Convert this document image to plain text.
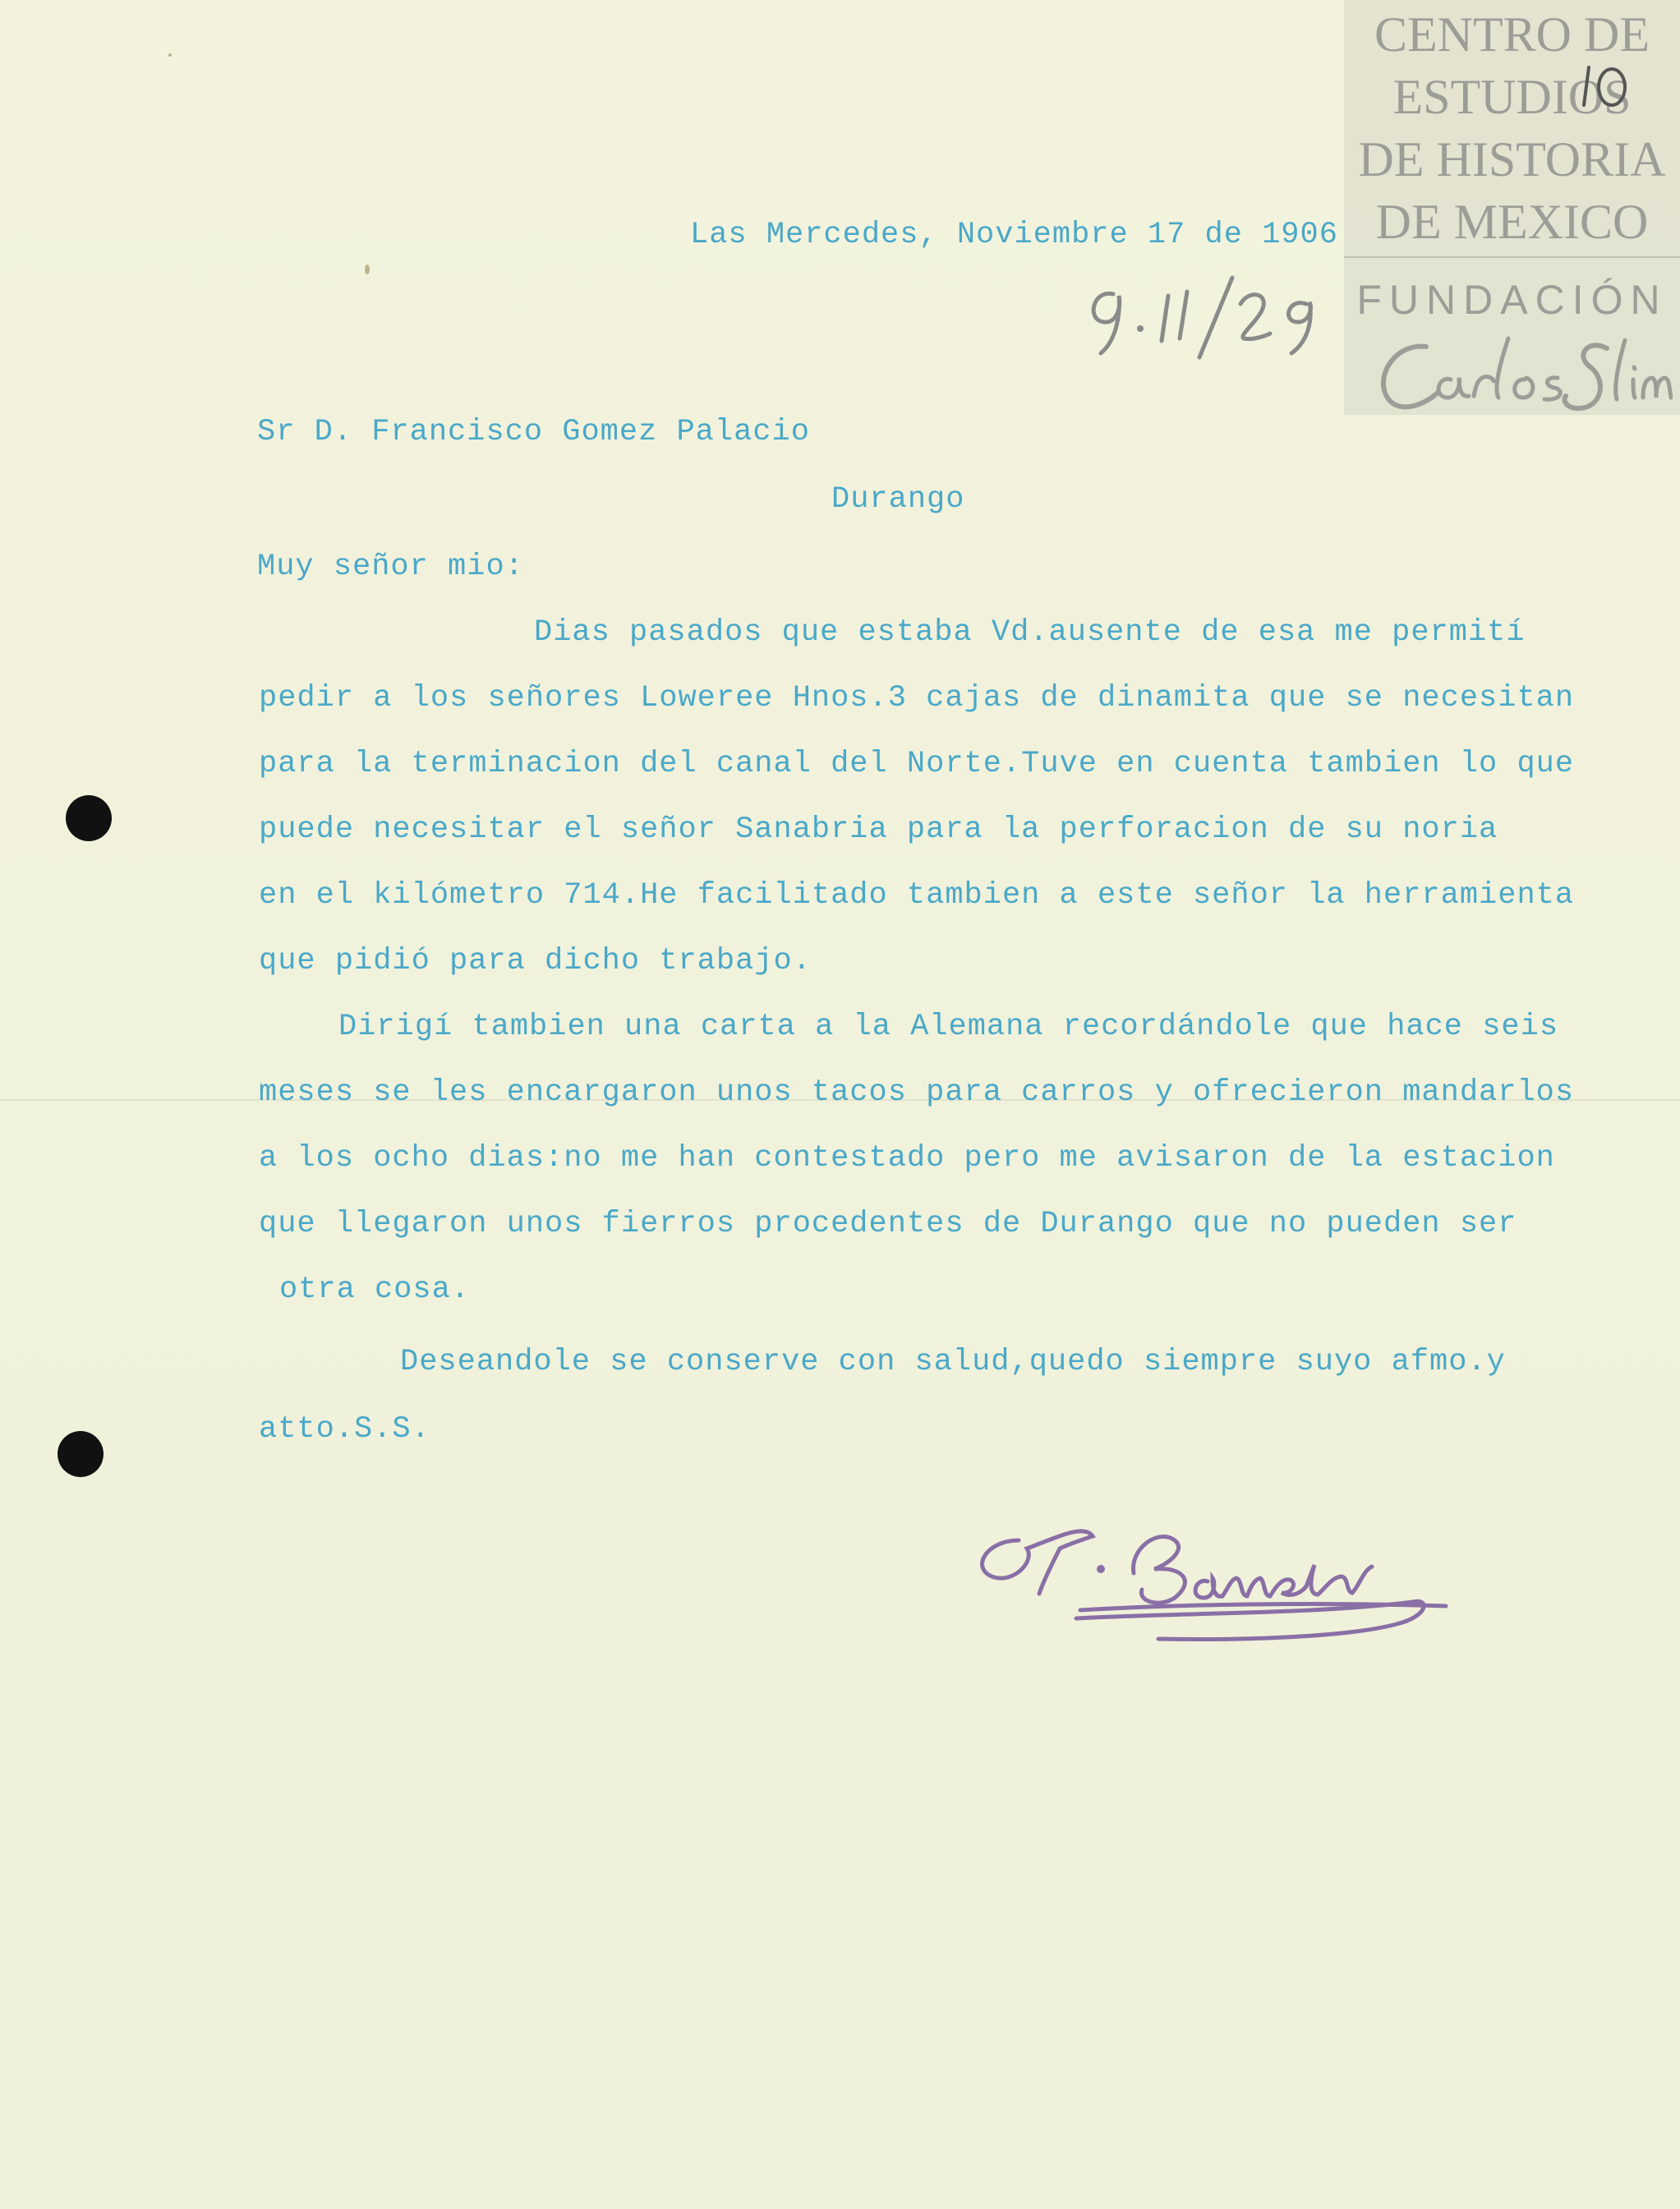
CENTRO DE
ESTUDIOS
DE HISTORIA
DE MEXICO
FUNDACIÓN
Las Mercedes, Noviembre 17 de 1906
Sr D. Francisco Gomez Palacio
Durango
Muy señor mio:
Dias pasados que estaba Vd.ausente de esa me permití
pedir a los señores Loweree Hnos.3 cajas de dinamita que se necesitan
para la terminacion del canal del Norte.Tuve en cuenta tambien lo que
puede necesitar el señor Sanabria para la perforacion de su noria
en el kilómetro 714.He facilitado tambien a este señor la herramienta
que pidió para dicho trabajo.
Dirigí tambien una carta a la Alemana recordándole que hace seis
meses se les encargaron unos tacos para carros y ofrecieron mandarlos
a los ocho dias:no me han contestado pero me avisaron de la estacion
que llegaron unos fierros procedentes de Durango que no pueden ser
otra cosa.
Deseandole se conserve con salud,quedo siempre suyo afmo.y
atto.S.S.
